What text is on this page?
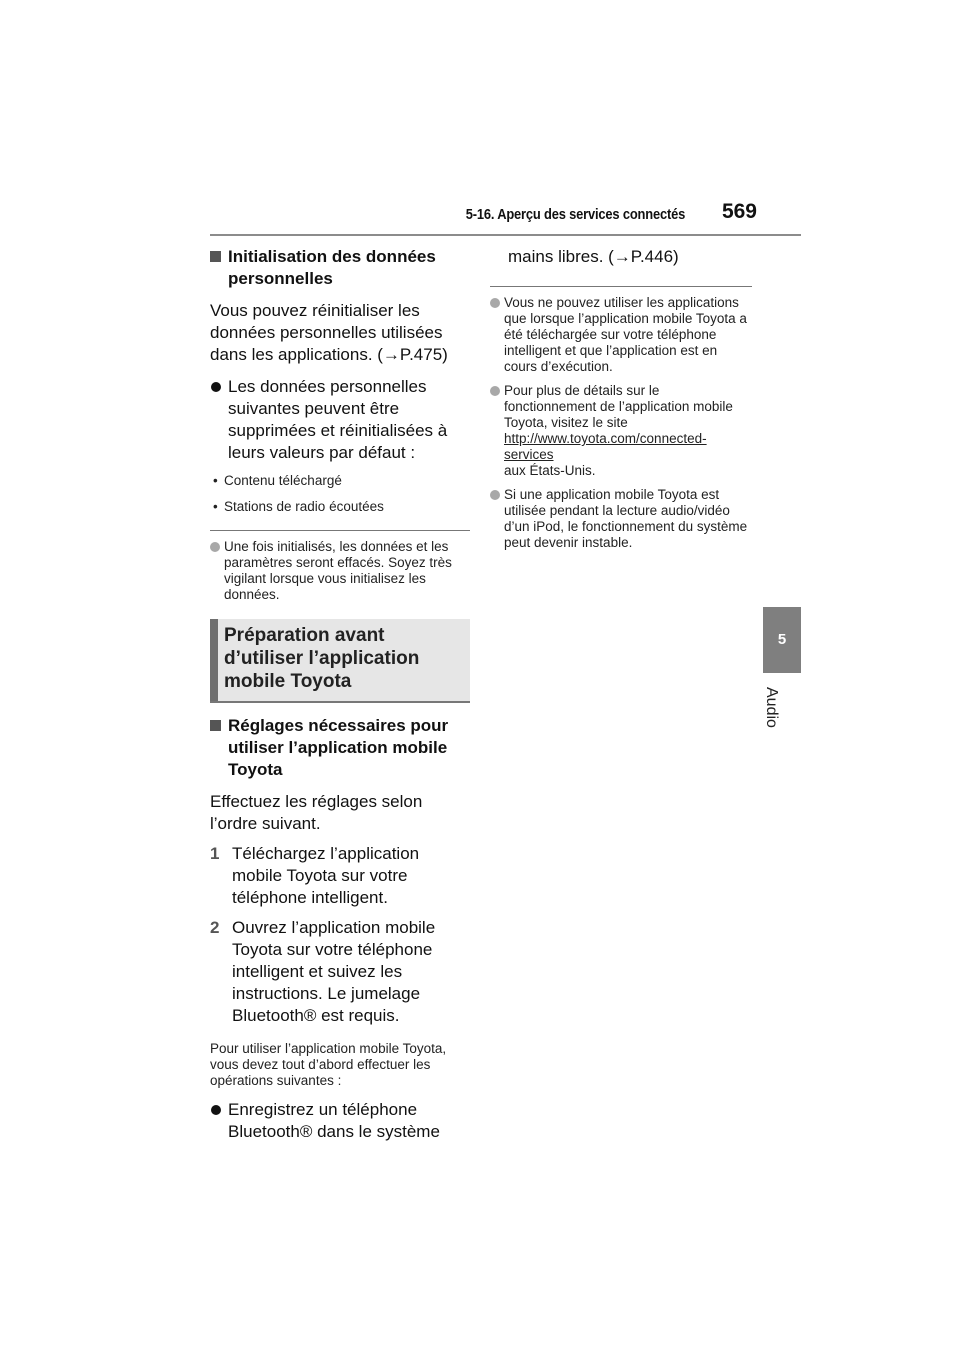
5-16. Aperçu des services connectés 569
5
Audio
Initialisation des données personnelles
Vous pouvez réinitialiser les données personnelles utilisées dans les applications. (→P.475)
Les données personnelles suivantes peuvent être supprimées et réinitialisées à leurs valeurs par défaut :
• Contenu téléchargé
• Stations de radio écoutées
Une fois initialisés, les données et les paramètres seront effacés. Soyez très vigilant lorsque vous initialisez les données.
Préparation avant d’utiliser l’application mobile Toyota
Réglages nécessaires pour utiliser l’application mobile Toyota
Effectuez les réglages selon l’ordre suivant.
1 Téléchargez l’application mobile Toyota sur votre téléphone intelligent.
2 Ouvrez l’application mobile Toyota sur votre téléphone intelligent et suivez les instructions. Le jumelage Bluetooth® est requis.
Pour utiliser l’application mobile Toyota, vous devez tout d’abord effectuer les opérations suivantes :
Enregistrez un téléphone Bluetooth® dans le système
mains libres. (→P.446)
Vous ne pouvez utiliser les applications que lorsque l’application mobile Toyota a été téléchargée sur votre téléphone intelligent et que l’application est en cours d’exécution.
Pour plus de détails sur le fonctionnement de l’application mobile Toyota, visitez le site
http://www.toyota.com/connected-services
aux États-Unis.
Si une application mobile Toyota est utilisée pendant la lecture audio/vidéo d’un iPod, le fonctionnement du système peut devenir instable.
